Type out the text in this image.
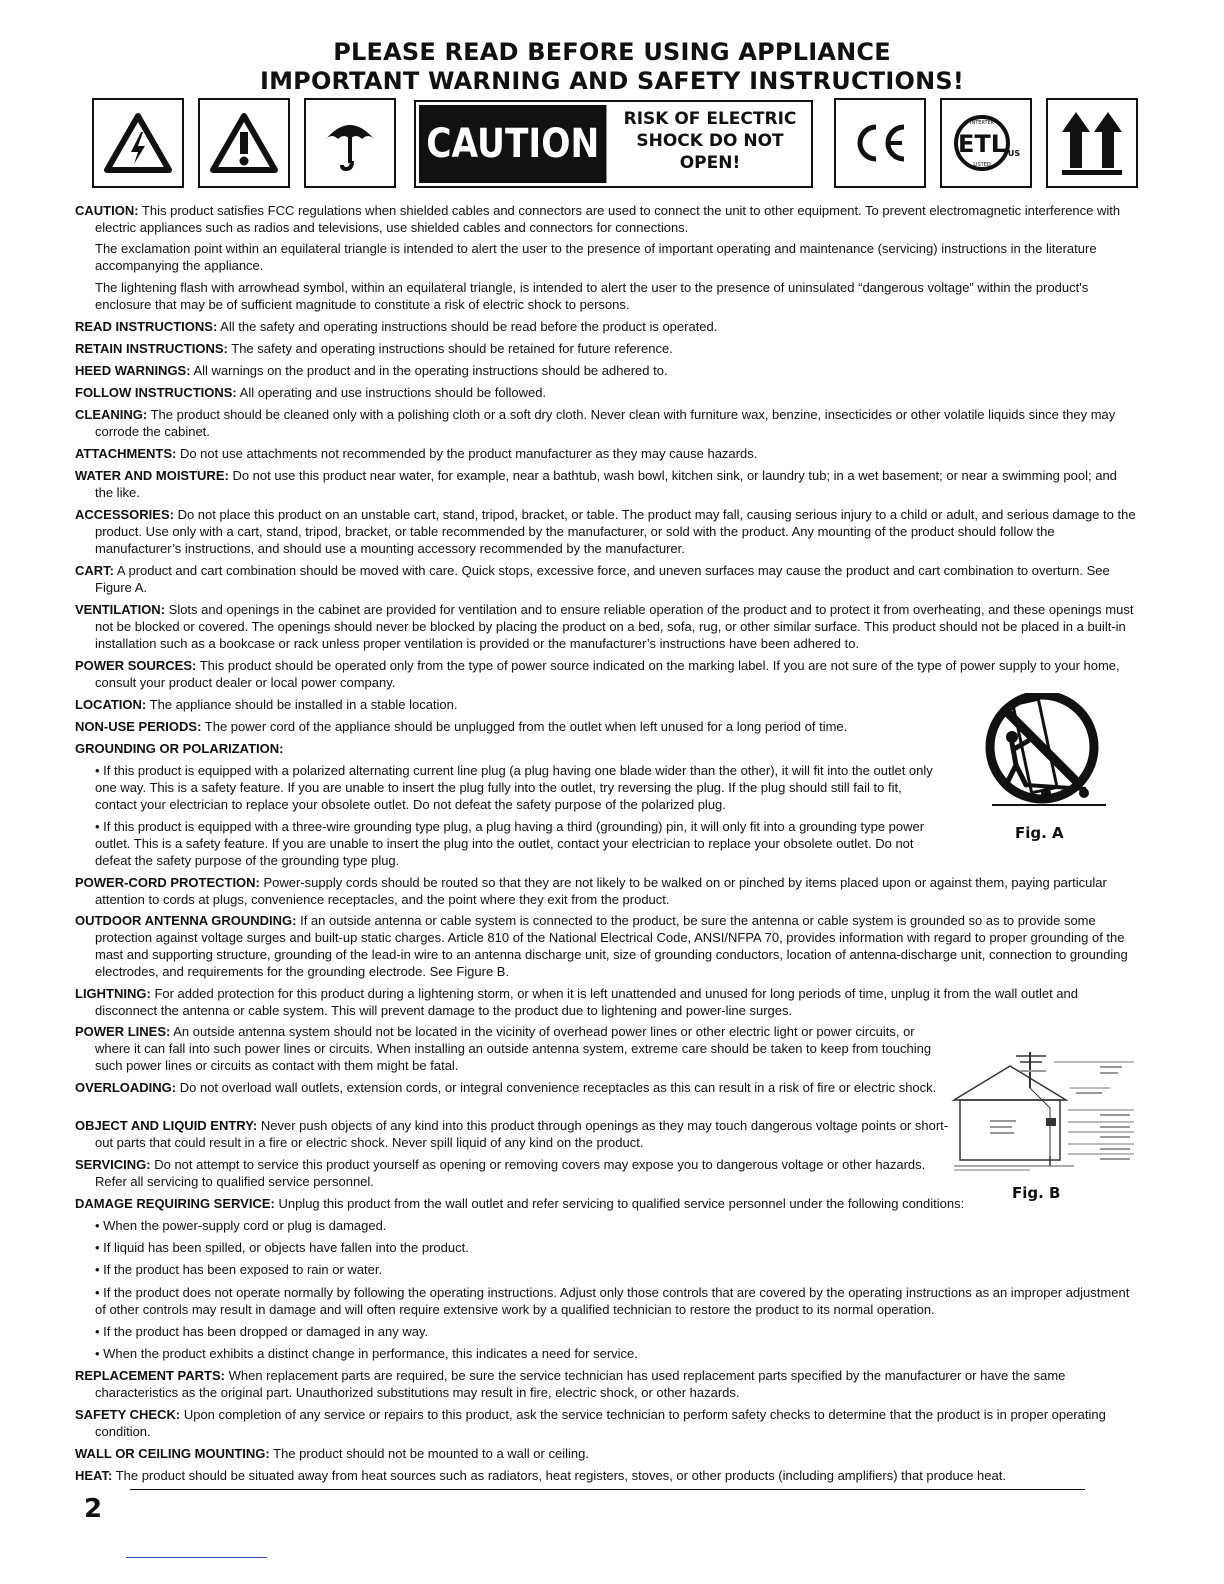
PLEASE READ BEFORE USING APPLIANCE
IMPORTANT WARNING AND SAFETY INSTRUCTIONS!
CAUTION
RISK OF ELECTRIC
SHOCK DO NOT
OPEN!
ETL
INTERTEK
LISTED
US
CAUTION: This product satisfies FCC regulations when shielded cables and connectors are used to connect the unit to other equipment. To prevent electromagnetic interference with electric appliances such as radios and televisions, use shielded cables and connectors for connections.
The exclamation point within an equilateral triangle is intended to alert the user to the presence of important operating and maintenance (servicing) instructions in the literature accompanying the appliance.
The lightening flash with arrowhead symbol, within an equilateral triangle, is intended to alert the user to the presence of uninsulated “dangerous voltage” within the product's enclosure that may be of sufficient magnitude to constitute a risk of electric shock to persons.
READ INSTRUCTIONS: All the safety and operating instructions should be read before the product is operated.
RETAIN INSTRUCTIONS: The safety and operating instructions should be retained for future reference.
HEED WARNINGS: All warnings on the product and in the operating instructions should be adhered to.
FOLLOW INSTRUCTIONS: All operating and use instructions should be followed.
CLEANING: The product should be cleaned only with a polishing cloth or a soft dry cloth. Never clean with furniture wax, benzine, insecticides or other volatile liquids since they may corrode the cabinet.
ATTACHMENTS: Do not use attachments not recommended by the product manufacturer as they may cause hazards.
WATER AND MOISTURE: Do not use this product near water, for example, near a bathtub, wash bowl, kitchen sink, or laundry tub; in a wet basement; or near a swimming pool; and the like.
ACCESSORIES: Do not place this product on an unstable cart, stand, tripod, bracket, or table. The product may fall, causing serious injury to a child or adult, and serious damage to the product. Use only with a cart, stand, tripod, bracket, or table recommended by the manufacturer, or sold with the product. Any mounting of the product should follow the manufacturer’s instructions, and should use a mounting accessory recommended by the manufacturer.
CART: A product and cart combination should be moved with care. Quick stops, excessive force, and uneven surfaces may cause the product and cart combination to overturn. See Figure A.
VENTILATION: Slots and openings in the cabinet are provided for ventilation and to ensure reliable operation of the product and to protect it from overheating, and these openings must not be blocked or covered. The openings should never be blocked by placing the product on a bed, sofa, rug, or other similar surface. This product should not be placed in a built-in installation such as a bookcase or rack unless proper ventilation is provided or the manufacturer’s instructions have been adhered to.
POWER SOURCES: This product should be operated only from the type of power source indicated on the marking label. If you are not sure of the type of power supply to your home, consult your product dealer or local power company.
LOCATION: The appliance should be installed in a stable location.
NON-USE PERIODS: The power cord of the appliance should be unplugged from the outlet when left unused for a long period of time.
GROUNDING OR POLARIZATION:
• If this product is equipped with a polarized alternating current line plug (a plug having one blade wider than the other), it will fit into the outlet only one way. This is a safety feature. If you are unable to insert the plug fully into the outlet, try reversing the plug. If the plug should still fail to fit, contact your electrician to replace your obsolete outlet. Do not defeat the safety purpose of the polarized plug.
• If this product is equipped with a three-wire grounding type plug, a plug having a third (grounding) pin, it will only fit into a grounding type power outlet. This is a safety feature. If you are unable to insert the plug into the outlet, contact your electrician to replace your obsolete outlet. Do not defeat the safety purpose of the grounding type plug.
Fig. A
POWER-CORD PROTECTION: Power-supply cords should be routed so that they are not likely to be walked on or pinched by items placed upon or against them, paying particular attention to cords at plugs, convenience receptacles, and the point where they exit from the product.
OUTDOOR ANTENNA GROUNDING: If an outside antenna or cable system is connected to the product, be sure the antenna or cable system is grounded so as to provide some protection against voltage surges and built-up static charges. Article 810 of the National Electrical Code, ANSI/NFPA 70, provides information with regard to proper grounding of the mast and supporting structure, grounding of the lead-in wire to an antenna discharge unit, size of grounding conductors, location of antenna-discharge unit, connection to grounding electrodes, and requirements for the grounding electrode. See Figure B.
LIGHTNING: For added protection for this product during a lightening storm, or when it is left unattended and unused for long periods of time, unplug it from the wall outlet and disconnect the antenna or cable system. This will prevent damage to the product due to lightening and power-line surges.
POWER LINES: An outside antenna system should not be located in the vicinity of overhead power lines or other electric light or power circuits, or where it can fall into such power lines or circuits. When installing an outside antenna system, extreme care should be taken to keep from touching such power lines or circuits as contact with them might be fatal.
OVERLOADING: Do not overload wall outlets, extension cords, or integral convenience receptacles as this can result in a risk of fire or electric shock.
OBJECT AND LIQUID ENTRY: Never push objects of any kind into this product through openings as they may touch dangerous voltage points or short-out parts that could result in a fire or electric shock. Never spill liquid of any kind on the product.
SERVICING: Do not attempt to service this product yourself as opening or removing covers may expose you to dangerous voltage or other hazards. Refer all servicing to qualified service personnel.
Fig. B
DAMAGE REQUIRING SERVICE: Unplug this product from the wall outlet and refer servicing to qualified service personnel under the following conditions:
• When the power-supply cord or plug is damaged.
• If liquid has been spilled, or objects have fallen into the product.
• If the product has been exposed to rain or water.
• If the product does not operate normally by following the operating instructions. Adjust only those controls that are covered by the operating instructions as an improper adjustment of other controls may result in damage and will often require extensive work by a qualified technician to restore the product to its normal operation.
• If the product has been dropped or damaged in any way.
• When the product exhibits a distinct change in performance, this indicates a need for service.
REPLACEMENT PARTS: When replacement parts are required, be sure the service technician has used replacement parts specified by the manufacturer or have the same characteristics as the original part. Unauthorized substitutions may result in fire, electric shock, or other hazards.
SAFETY CHECK: Upon completion of any service or repairs to this product, ask the service technician to perform safety checks to determine that the product is in proper operating condition.
WALL OR CEILING MOUNTING: The product should not be mounted to a wall or ceiling.
HEAT: The product should be situated away from heat sources such as radiators, heat registers, stoves, or other products (including amplifiers) that produce heat.
2
